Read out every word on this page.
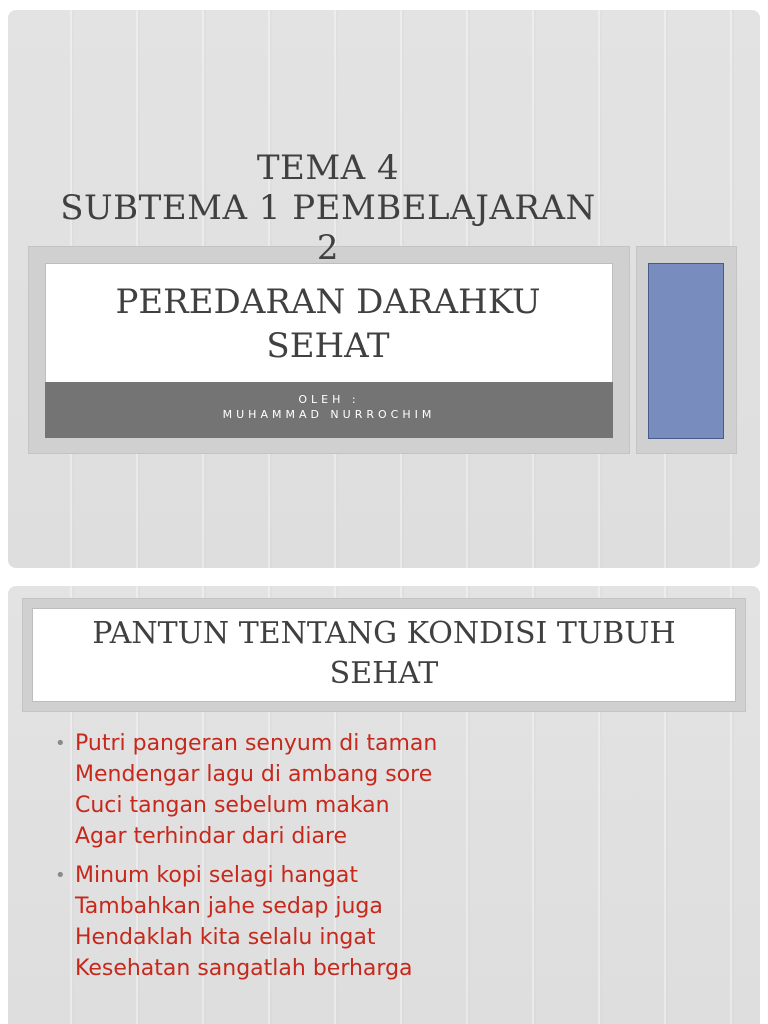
OLEH :
MUHAMMAD NURROCHIM
TEMA 4
SUBTEMA 1 PEMBELAJARAN
2
PEREDARAN DARAHKU
SEHAT
PANTUN TENTANG KONDISI TUBUH
SEHAT
• Putri pangeran senyum di taman
Mendengar lagu di ambang sore
Cuci tangan sebelum makan
Agar terhindar dari diare
• Minum kopi selagi hangat
Tambahkan jahe sedap juga
Hendaklah kita selalu ingat
Kesehatan sangatlah berharga
